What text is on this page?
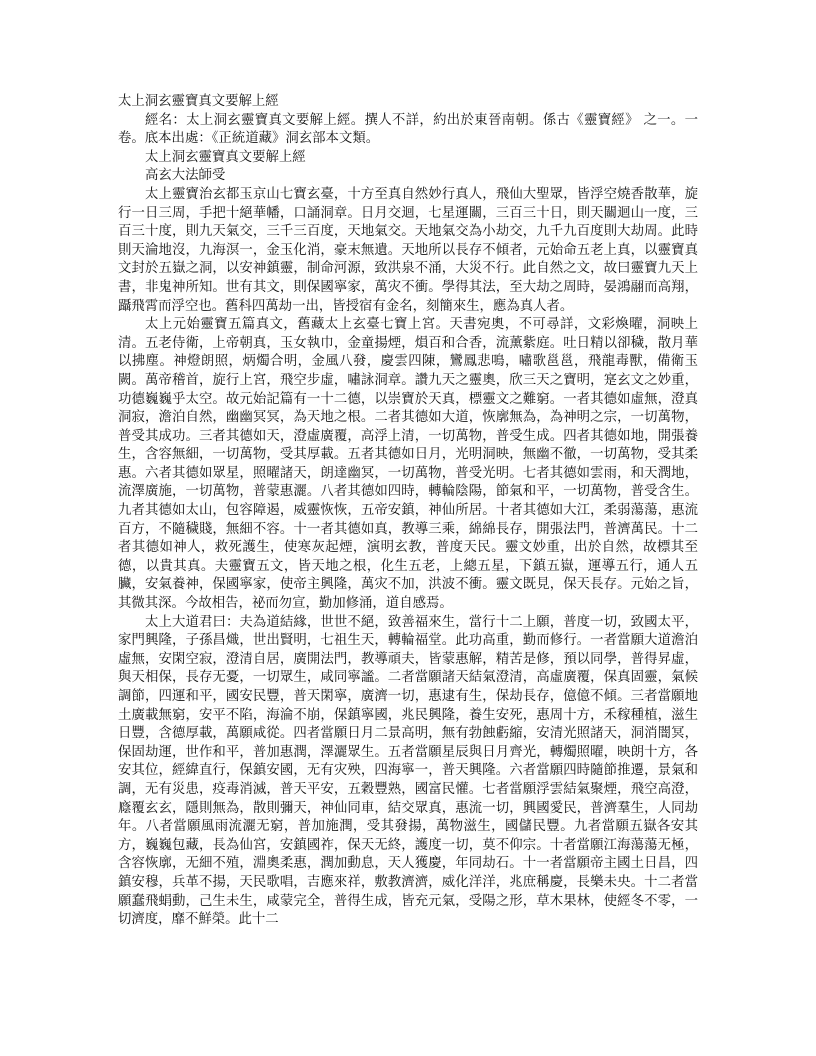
太上洞玄靈寶真文要解上經

經名：太上洞玄靈寶真文要解上經。撰人不詳，約出於東晉南朝。係古《靈寶經》 之一。一卷。底本出處：《正統道藏》洞玄部本文類。

太上洞玄靈寶真文要解上經

高玄大法師受

太上靈寶治玄都玉京山七寶玄臺，十方至真自然妙行真人，飛仙大聖眾，皆浮空燒香散華，旋行一日三周，手把十絕華幡，口誦洞章。日月交迴，七星運關，三百三十日，則天關迴山一度，三百三十度，則九天氣交，三千三百度，天地氣交。天地氣交為小劫交，九千九百度則大劫周。此時則天淪地沒，九海溟一，金玉化消，豪末無遺。天地所以長存不傾者，元始命五老上真，以靈寶真文封於五嶽之洞，以安神鎮靈，制命河源，致洪泉不涌，大災不行。此自然之文，故曰靈寶九天上書，非鬼神所知。世有其文，則保國寧家，萬灾不衝。學得其法，至大劫之周時，晏鴻翮而高翔，躡飛霄而浮空也。舊科四萬劫一出，皆授宿有金名，刻簡來生，應為真人者。

太上元始靈寶五篇真文，舊藏太上玄臺七寶上宮。天書宛奧，不可尋詳，文彩煥曜，洞映上清。五老侍衛，上帝朝真，玉女執巾，金童揚煙，熉百和合香，流薰紫庭。吐日精以卻穢，散月華以拂塵。神燈朗照，炳燭合明，金風八發，慶雲四陳，鸞鳳悲鳴，嘯歌邕邕，飛龍毒獸，備衛玉闕。萬帝稽首，旋行上宮，飛空步虛，嘯詠洞章。讚九天之靈奧，欣三天之寶明，寔玄文之妙重，功德巍巍乎太空。故元始記篇有一十二德，以崇寶於天真，標靈文之難窮。一者其德如虛無，澄真洞寂，澹泊自然，幽幽冥冥，為天地之根。二者其德如大道，恢廓無為，為神明之宗，一切萬物，普受其成功。三者其德如天，澄虛廣覆，高浮上清，一切萬物，普受生成。四者其德如地，開張養生，含容無細，一切萬物，受其厚載。五者其德如日月，光明洞映，無幽不徹，一切萬物，受其柔惠。六者其德如眾星，照曜諸天，朗達幽冥，一切萬物，普受光明。七者其德如雲雨，和天潤地，流澤廣施，一切萬物，普蒙惠灑。八者其德如四時，轉輪陰陽，節氣和平，一切萬物，普受含生。九者其德如太山，包容障遏，威靈恢恢，五帝安鎮，神仙所居。十者其德如大江，柔弱蕩蕩，惠流百方，不隨穢賤，無細不容。十一者其德如真，教導三乘，綿綿長存，開張法門，普濟萬民。十二者其德如神人，救死護生，使寒灰起煙，演明玄教，普度天民。靈文妙重，出於自然，故標其至德，以貴其真。夫靈寶五文，皆天地之根，化生五老，上總五星，下鎮五嶽，運導五行，通人五臟，安氣養神，保國寧家，使帝主興隆，萬灾不加，洪波不衝。靈文既見，保天長存。元始之旨，其微其深。今故相告，祕而勿宣，勤加修涌，道自感焉。

太上大道君曰：夫為道結緣，世世不絕，致善福來生，當行十二上願，普度一切，致國太平，家門興隆，子孫昌熾，世出賢明，七祖生天，轉輪福堂。此功高重，勤而修行。一者當願大道澹泊虛無，安閑空寂，澄清自居，廣開法門，教導頑夫，皆蒙惠解，精苦是修，預以同學，普得昇虛，與天相保，長存无憂，一切眾生，咸同寧謐。二者當願諸天結氣澄清，高虛廣覆，保真固靈，氣候調節，四運和平，國安民豐，普天閑寧，廣濟一切，惠逮有生，保劫長存，億億不傾。三者當願地土廣載無窮，安平不陷，海淪不崩，保鎮寧國，兆民興隆，養生安死，惠周十方，禾稼種植，滋生日豐，含德厚載，萬願咸從。四者當願日月二景高明，無有勃蝕虧縮，安清光照諸天，洞消闇冥，保固劫運，世作和平，普加惠潤，澤灑眾生。五者當願星辰與日月齊光，轉燭照曜，映朗十方，各安其位，經緯直行，保鎮安國，无有灾殃，四海寧一，普天興隆。六者當願四時隨節推遷，景氣和調，无有災患，疫毒消滅，普天平安，五穀豐熟，國富民懽。七者當願浮雲結氣聚煙，飛空高澄，廕覆玄玄，隱則無為，散則彌天，神仙同車，結交眾真，惠流一切，興國愛民，普濟羣生，人同劫年。八者當願風雨流灑无窮，普加施潤，受其發揚，萬物滋生，國儲民豐。九者當願五嶽各安其方，巍巍包藏，長為仙宮，安鎮國祚，保天无終，護度一切，莫不仰宗。十者當願江海蕩蕩无極，含容恢廓，无細不殖，淵奧柔惠，潤加動息，天人獲慶，年同劫石。十一者當願帝主國土日昌，四鎮安穆，兵革不揚，天民歌唱，吉應來祥，敷教濟濟，威化洋洋，兆庶稱慶，長樂未央。十二者當願蠢飛蜎動，己生未生，咸蒙完全，普得生成，皆充元氣，受陽之形，草木果林，使經冬不零，一切濟度，靡不鮮榮。此十二
